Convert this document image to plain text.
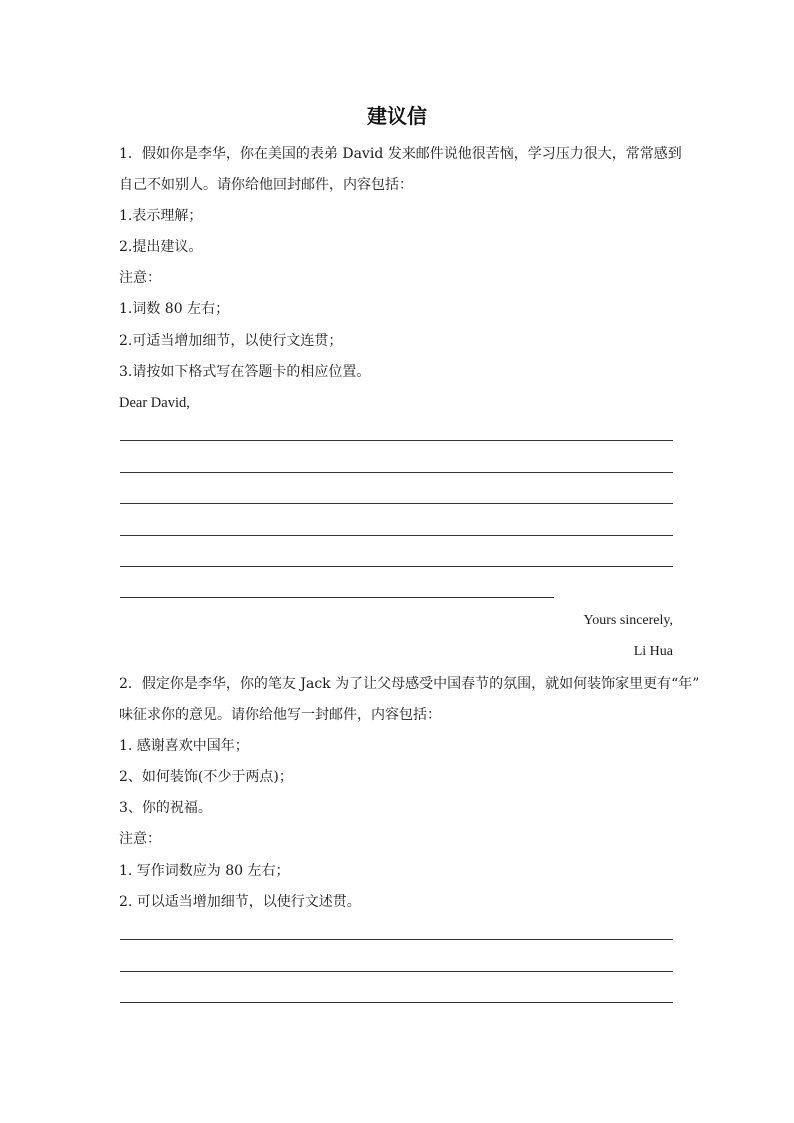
建议信
1．假如你是李华，你在美国的表弟 David 发来邮件说他很苦恼，学习压力很大，常常感到
自己不如别人。请你给他回封邮件，内容包括：
1.表示理解；
2.提出建议。
注意：
1.词数 80 左右；
2.可适当增加细节，以使行文连贯；
3.请按如下格式写在答题卡的相应位置。
Dear David,
Yours sincerely,
Li Hua
2．假定你是李华，你的笔友 Jack 为了让父母感受中国春节的氛围，就如何装饰家里更有“年”
味征求你的意见。请你给他写一封邮件，内容包括：
1. 感谢喜欢中国年；
2、如何装饰(不少于两点)；
3、你的祝福。
注意：
1. 写作词数应为 80 左右；
2. 可以适当增加细节，以使行文述贯。
